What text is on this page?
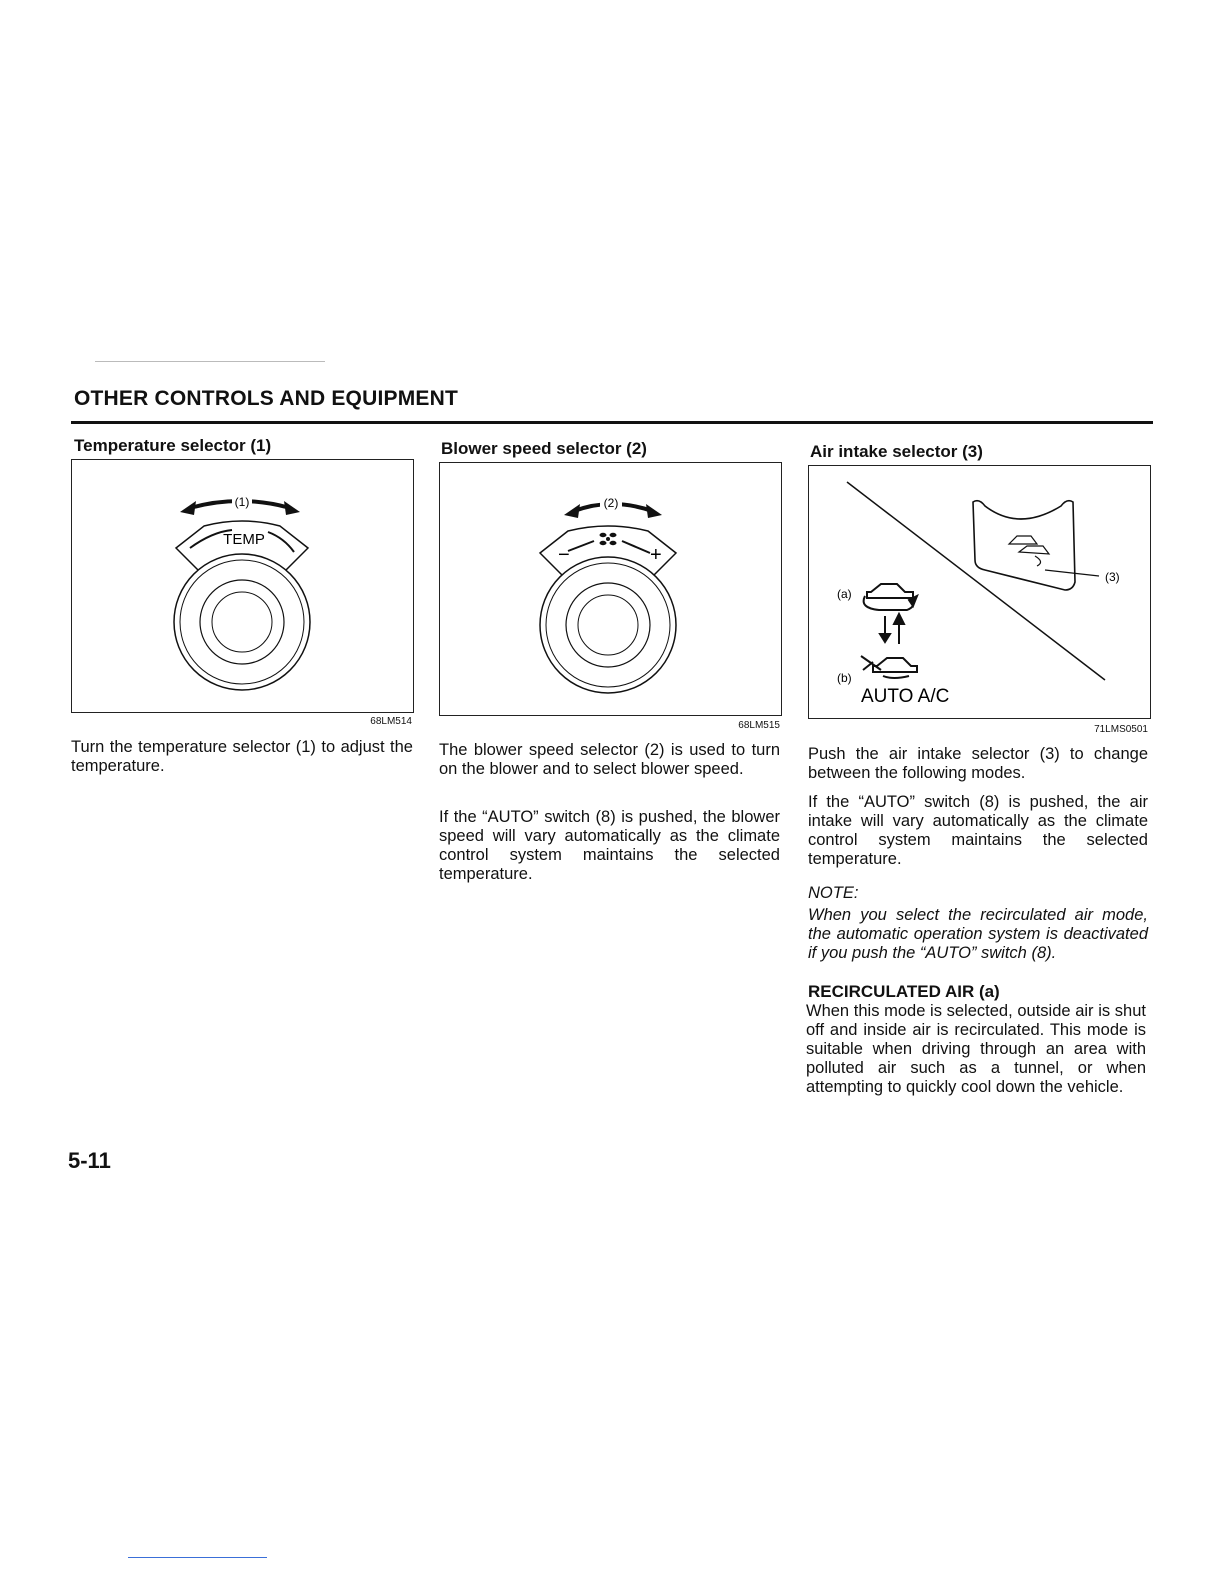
OTHER CONTROLS AND EQUIPMENT
Temperature selector (1)
(1)
TEMP
68LM514

Turn the temperature selector (1) to adjust the temperature.

Blower speed selector (2)
(2)
−	+
68LM515

The blower speed selector (2) is used to turn on the blower and to select blower speed.

If the “AUTO” switch (8) is pushed, the blower speed will vary automatically as the climate control system maintains the selected temperature.

Air intake selector (3)
(3)
(a)
(b)
AUTO A/C
71LMS0501

Push the air intake selector (3) to change between the following modes.

If the “AUTO” switch (8) is pushed, the air intake will vary automatically as the climate control system maintains the selected temperature.

NOTE:

When you select the recirculated air mode, the automatic operation system is deactivated if you push the “AUTO” switch (8).

RECIRCULATED AIR (a)

When this mode is selected, outside air is shut off and inside air is recirculated. This mode is suitable when driving through an area with polluted air such as a tunnel, or when attempting to quickly cool down the vehicle.

5-11
